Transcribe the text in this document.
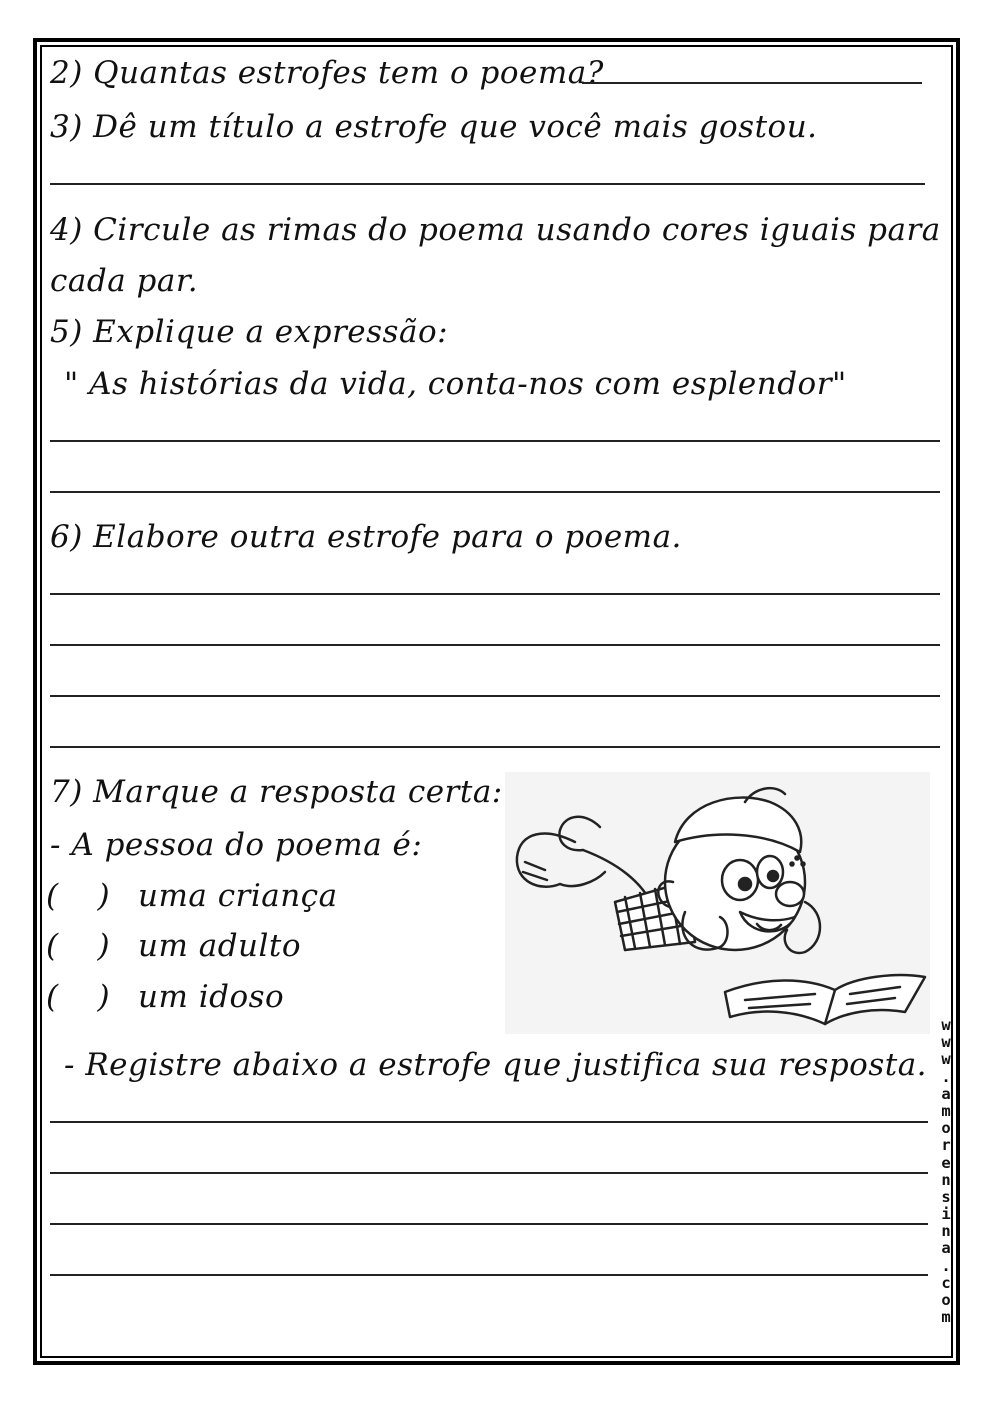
2) Quantas estrofes tem o poema?
3) Dê um título a estrofe que você mais gostou.
4) Circule as rimas do poema usando cores iguais para
cada par.
5) Explique a expressão:
" As histórias da vida, conta-nos com esplendor"
6) Elabore outra estrofe para o poema.
7) Marque a resposta certa:
- A pessoa do poema é:
(    ) uma criança
(    ) um adulto
(    ) um idoso
- Registre abaixo a estrofe que justifica sua resposta.
w
w
w
.
a
m
o
r
e
n
s
i
n
a
.
c
o
m
